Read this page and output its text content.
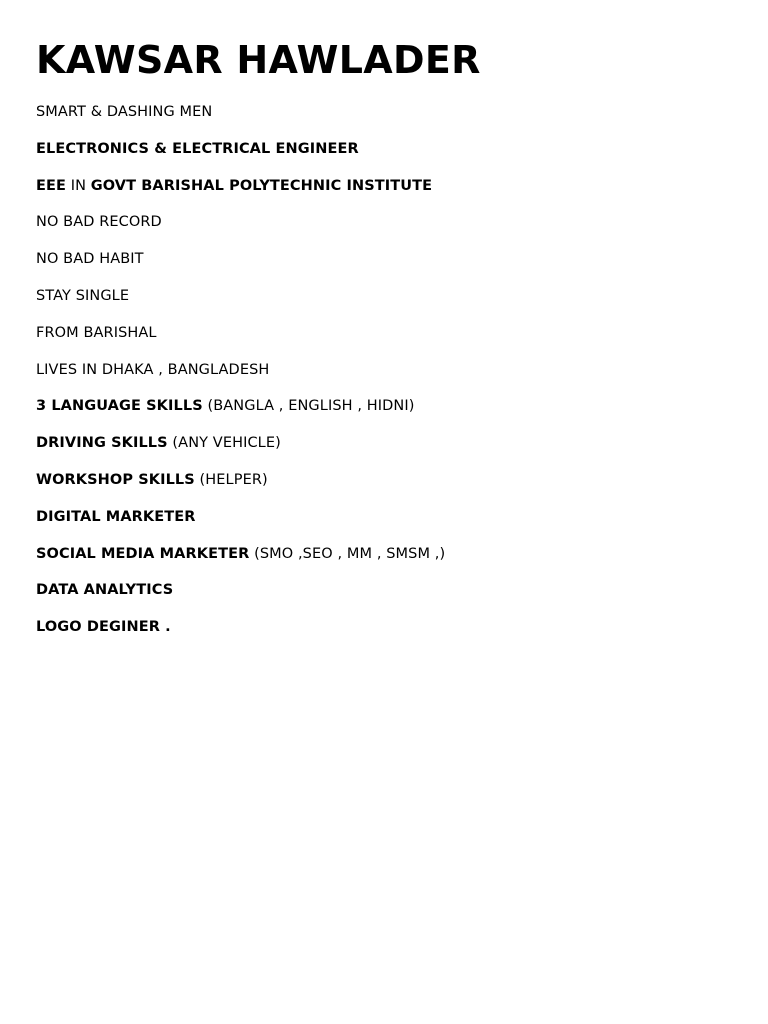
KAWSAR HAWLADER
SMART & DASHING MEN
ELECTRONICS & ELECTRICAL ENGINEER
EEE IN GOVT BARISHAL POLYTECHNIC INSTITUTE
NO BAD RECORD
NO BAD HABIT
STAY SINGLE
FROM BARISHAL
LIVES IN DHAKA , BANGLADESH
3 LANGUAGE SKILLS (BANGLA , ENGLISH , HIDNI)
DRIVING SKILLS (ANY VEHICLE)
WORKSHOP SKILLS (HELPER)
DIGITAL MARKETER
SOCIAL MEDIA MARKETER (SMO ,SEO , MM , SMSM ,)
DATA ANALYTICS
LOGO DEGINER .
